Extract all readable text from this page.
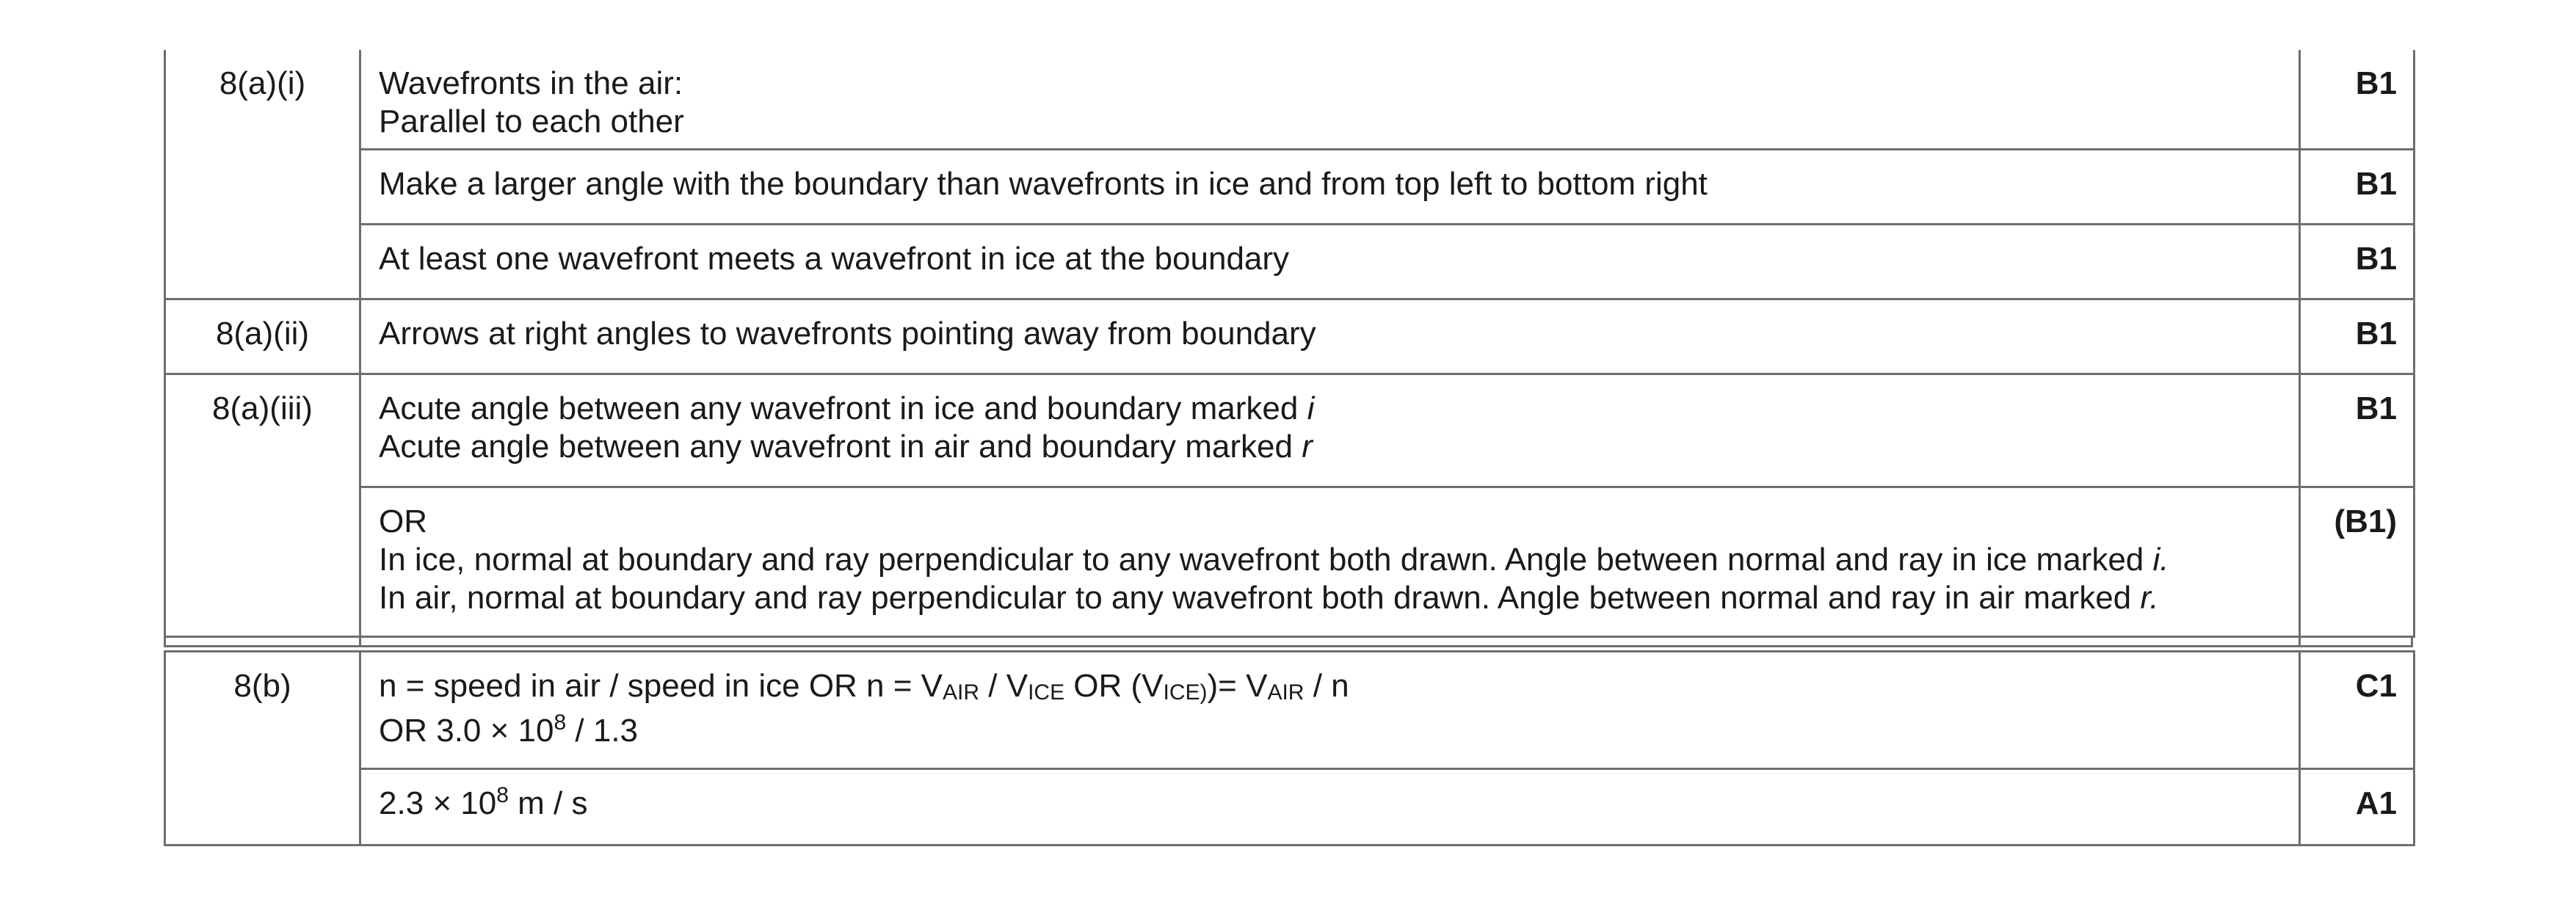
8(a)(i)	Wavefronts in the air:
Parallel to each other	B1
	Make a larger angle with the boundary than wavefronts in ice and from top left to bottom right	B1
	At least one wavefront meets a wavefront in ice at the boundary	B1
8(a)(ii)	Arrows at right angles to wavefronts pointing away from boundary	B1
8(a)(iii)	Acute angle between any wavefront in ice and boundary marked i
Acute angle between any wavefront in air and boundary marked r	B1

	OR
In ice, normal at boundary and ray perpendicular to any wavefront both drawn. Angle between normal and ray in ice marked i.
In air, normal at boundary and ray perpendicular to any wavefront both drawn. Angle between normal and ray in air marked r.	(B1)
8(b)	n = speed in air / speed in ice OR n = VAIR / VICE OR (VICE))= VAIR / n
OR $3.0 \times 10^8 / 1.3$	C1
	$2.3 \times 10^8$ m / s	A1
